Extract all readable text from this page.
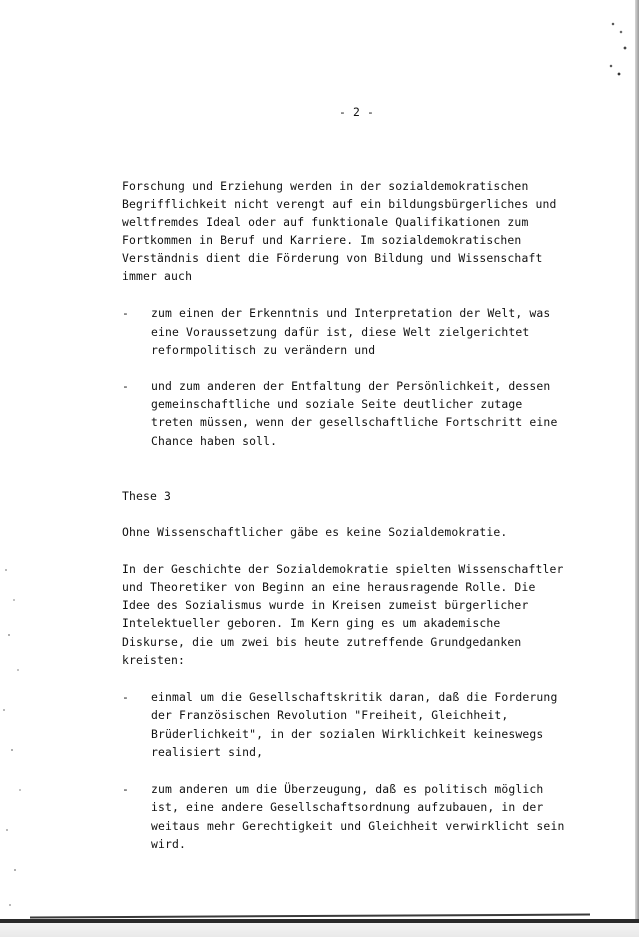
- 2 -
Forschung und Erziehung werden in der sozialdemokratischen
Begrifflichkeit nicht verengt auf ein bildungsbürgerliches und
weltfremdes Ideal oder auf funktionale Qualifikationen zum
Fortkommen in Beruf und Karriere. Im sozialdemokratischen
Verständnis dient die Förderung von Bildung und Wissenschaft
immer auch
- zum einen der Erkenntnis und Interpretation der Welt, was
eine Voraussetzung dafür ist, diese Welt zielgerichtet
reformpolitisch zu verändern und
- und zum anderen der Entfaltung der Persönlichkeit, dessen
gemeinschaftliche und soziale Seite deutlicher zutage
treten müssen, wenn der gesellschaftliche Fortschritt eine
Chance haben soll.
These 3
Ohne Wissenschaftlicher gäbe es keine Sozialdemokratie.
In der Geschichte der Sozialdemokratie spielten Wissenschaftler
und Theoretiker von Beginn an eine herausragende Rolle. Die
Idee des Sozialismus wurde in Kreisen zumeist bürgerlicher
Intelektueller geboren. Im Kern ging es um akademische
Diskurse, die um zwei bis heute zutreffende Grundgedanken
kreisten:
- einmal um die Gesellschaftskritik daran, daß die Forderung
der Französischen Revolution "Freiheit, Gleichheit,
Brüderlichkeit", in der sozialen Wirklichkeit keineswegs
realisiert sind,
- zum anderen um die Überzeugung, daß es politisch möglich
ist, eine andere Gesellschaftsordnung aufzubauen, in der
weitaus mehr Gerechtigkeit und Gleichheit verwirklicht sein
wird.
